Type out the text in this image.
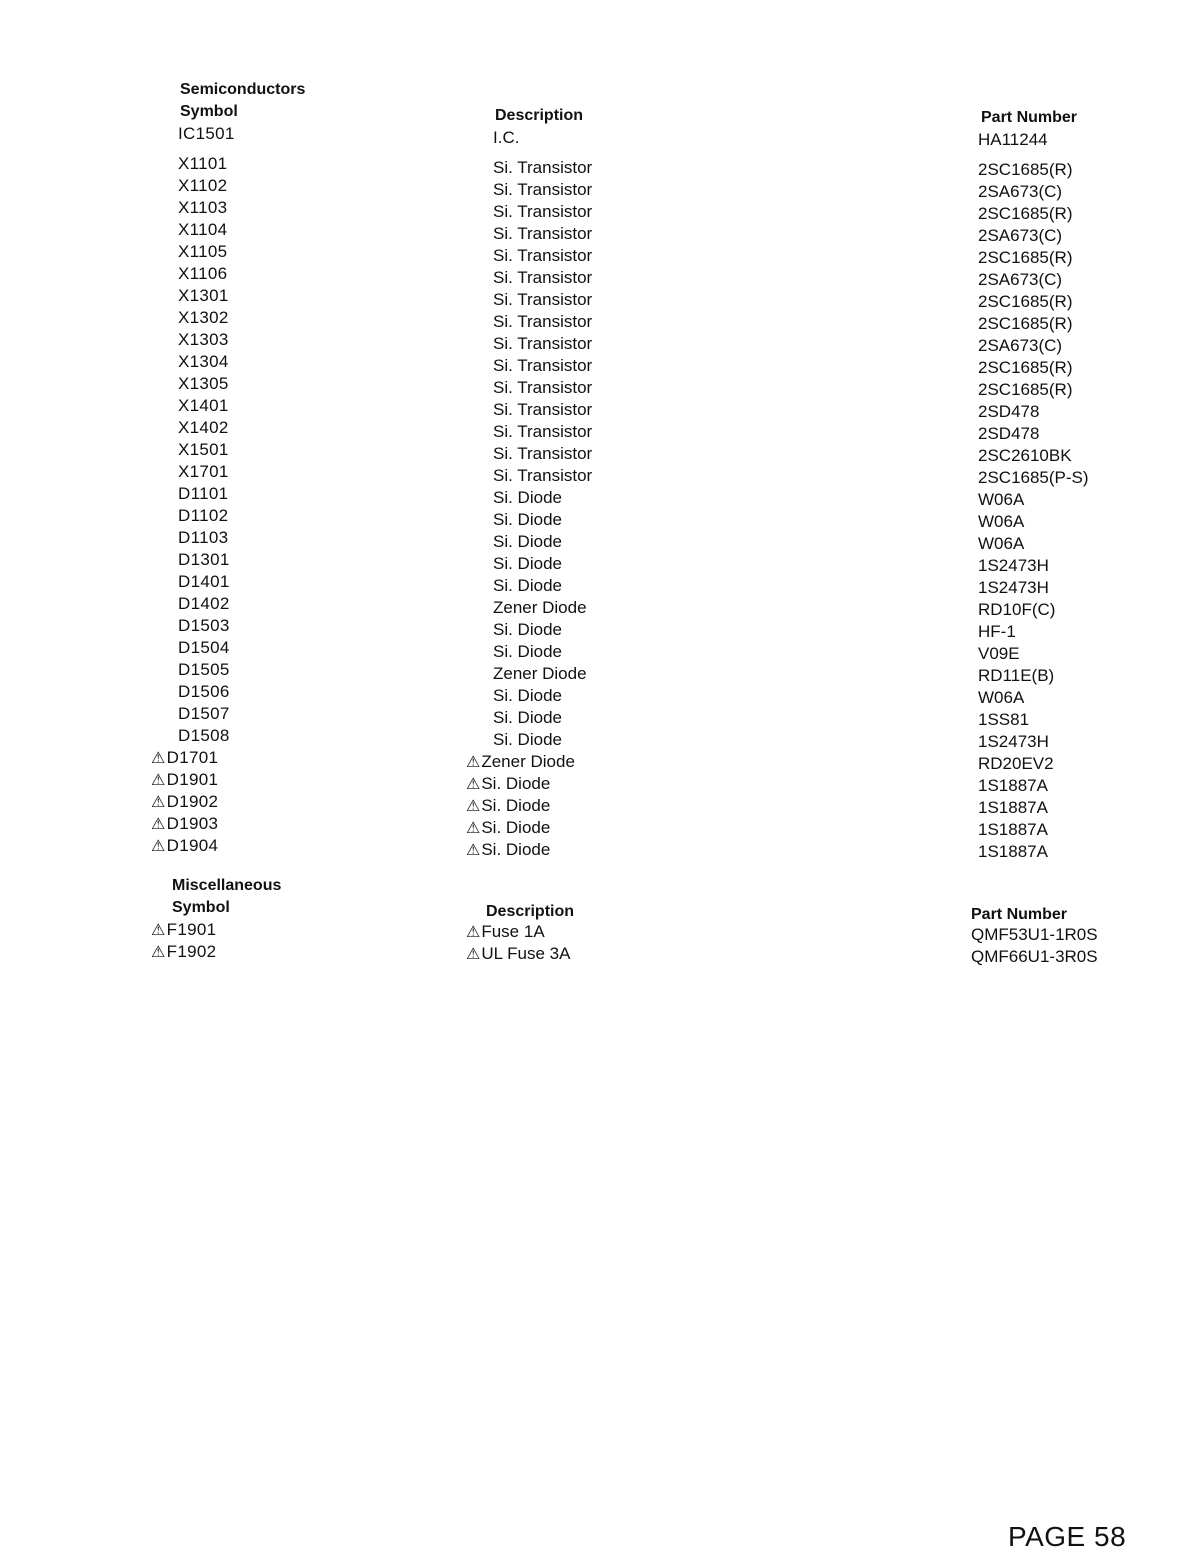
Semiconductors
Symbol	Description	Part Number
IC1501	I.C.	HA11244
X1101	Si. Transistor	2SC1685(R)
X1102	Si. Transistor	2SA673(C)
X1103	Si. Transistor	2SC1685(R)
X1104	Si. Transistor	2SA673(C)
X1105	Si. Transistor	2SC1685(R)
X1106	Si. Transistor	2SA673(C)
X1301	Si. Transistor	2SC1685(R)
X1302	Si. Transistor	2SC1685(R)
X1303	Si. Transistor	2SA673(C)
X1304	Si. Transistor	2SC1685(R)
X1305	Si. Transistor	2SC1685(R)
X1401	Si. Transistor	2SD478
X1402	Si. Transistor	2SD478
X1501	Si. Transistor	2SC2610BK
X1701	Si. Transistor	2SC1685(P-S)
D1101	Si. Diode	W06A
D1102	Si. Diode	W06A
D1103	Si. Diode	W06A
D1301	Si. Diode	1S2473H
D1401	Si. Diode	1S2473H
D1402	Zener Diode	RD10F(C)
D1503	Si. Diode	HF-1
D1504	Si. Diode	V09E
D1505	Zener Diode	RD11E(B)
D1506	Si. Diode	W06A
D1507	Si. Diode	1SS81
D1508	Si. Diode	1S2473H
⚠D1701	⚠Zener Diode	RD20EV2
⚠D1901	⚠Si. Diode	1S1887A
⚠D1902	⚠Si. Diode	1S1887A
⚠D1903	⚠Si. Diode	1S1887A
⚠D1904	⚠Si. Diode	1S1887A
Miscellaneous
Symbol	Description	Part Number
⚠F1901	⚠Fuse 1A	QMF53U1-1R0S
⚠F1902	⚠UL Fuse 3A	QMF66U1-3R0S
PAGE 58
